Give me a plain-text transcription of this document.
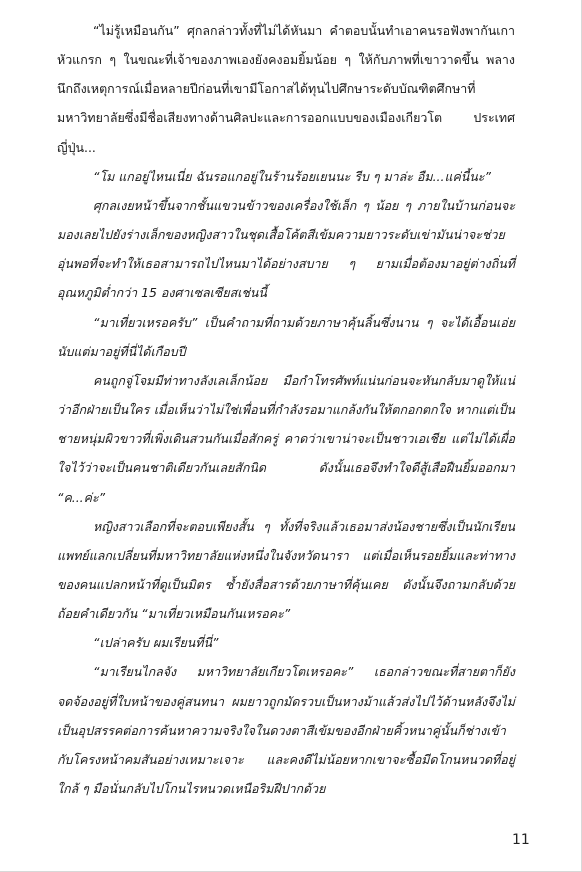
“ไม่รู้เหมือนกัน” ศุกลกล่าวทั้งที่ไม่ได้หันมา คำตอบนั้นทำเอาคนรอฟังพากันเกาหัวแกรก ๆ ในขณะที่เจ้าของภาพเองยังคงอมยิ้มน้อย ๆ ให้กับภาพที่เขาวาดขึ้น พลางนึกถึงเหตุการณ์เมื่อหลายปีก่อนที่เขามีโอกาสได้ทุนไปศึกษาระดับบัณฑิตศึกษาที่มหาวิทยาลัยซึ่งมีชื่อเสียงทางด้านศิลปะและการออกแบบของเมืองเกียวโต ประเทศญี่ปุ่น...

“โม แกอยู่ไหนเนี่ย ฉันรอแกอยู่ในร้านร้อยเยนนะ รีบ ๆ มาล่ะ อืม...แค่นี้นะ”

ศุกลเงยหน้าขึ้นจากชั้นแขวนข้าวของเครื่องใช้เล็ก ๆ น้อย ๆ ภายในบ้านก่อนจะมองเลยไปยังร่างเล็กของหญิงสาวในชุดเสื้อโค้ตสีเข้มความยาวระดับเข่ามันน่าจะช่วยอุ่นพอที่จะทำให้เธอสามารถไปไหนมาได้อย่างสบาย ๆ ยามเมื่อต้องมาอยู่ต่างถิ่นที่อุณหภูมิต่ำกว่า 15 องศาเซลเซียสเช่นนี้

“มาเที่ยวเหรอครับ” เป็นคำถามที่ถามด้วยภาษาคุ้นลิ้นซึ่งนาน ๆ จะได้เอื้อนเอ่ยนับแต่มาอยู่ที่นี่ได้เกือบปี

คนถูกจู่โจมมีท่าทางลังเลเล็กน้อย มือกำโทรศัพท์แน่นก่อนจะหันกลับมาดูให้แน่ว่าอีกฝ่ายเป็นใคร เมื่อเห็นว่าไม่ใช่เพื่อนที่กำลังรอมาแกล้งกันให้ตกอกตกใจ หากแต่เป็นชายหนุ่มผิวขาวที่เพิ่งเดินสวนกันเมื่อสักครู่ คาดว่าเขาน่าจะเป็นชาวเอเชีย แต่ไม่ได้เผื่อใจไว้ว่าจะเป็นคนชาติเดียวกันเลยสักนิด ดังนั้นเธอจึงทำใจดีสู้เสือฝืนยิ้มออกมา “ค...ค่ะ”

หญิงสาวเลือกที่จะตอบเพียงสั้น ๆ ทั้งที่จริงแล้วเธอมาส่งน้องชายซึ่งเป็นนักเรียนแพทย์แลกเปลี่ยนที่มหาวิทยาลัยแห่งหนึ่งในจังหวัดนารา แต่เมื่อเห็นรอยยิ้มและท่าทางของคนแปลกหน้าที่ดูเป็นมิตร ซ้ำยังสื่อสารด้วยภาษาที่คุ้นเคย ดังนั้นจึงถามกลับด้วยถ้อยคำเดียวกัน “มาเที่ยวเหมือนกันเหรอคะ”

“เปล่าครับ ผมเรียนที่นี่”

“มาเรียนไกลจัง มหาวิทยาลัยเกียวโตเหรอคะ” เธอกล่าวขณะที่สายตาก็ยังจดจ้องอยู่ที่ใบหน้าของคู่สนทนา ผมยาวถูกมัดรวบเป็นหางม้าแล้วส่งไปไว้ด้านหลังจึงไม่เป็นอุปสรรคต่อการค้นหาความจริงใจในดวงตาสีเข้มของอีกฝ่ายคิ้วหนาคู่นั้นก็ช่างเข้ากับโครงหน้าคมสันอย่างเหมาะเจาะ และคงดีไม่น้อยหากเขาจะซื้อมีดโกนหนวดที่อยู่ใกล้ ๆ มือนั่นกลับไปโกนไรหนวดเหนือริมฝีปากด้วย

11
